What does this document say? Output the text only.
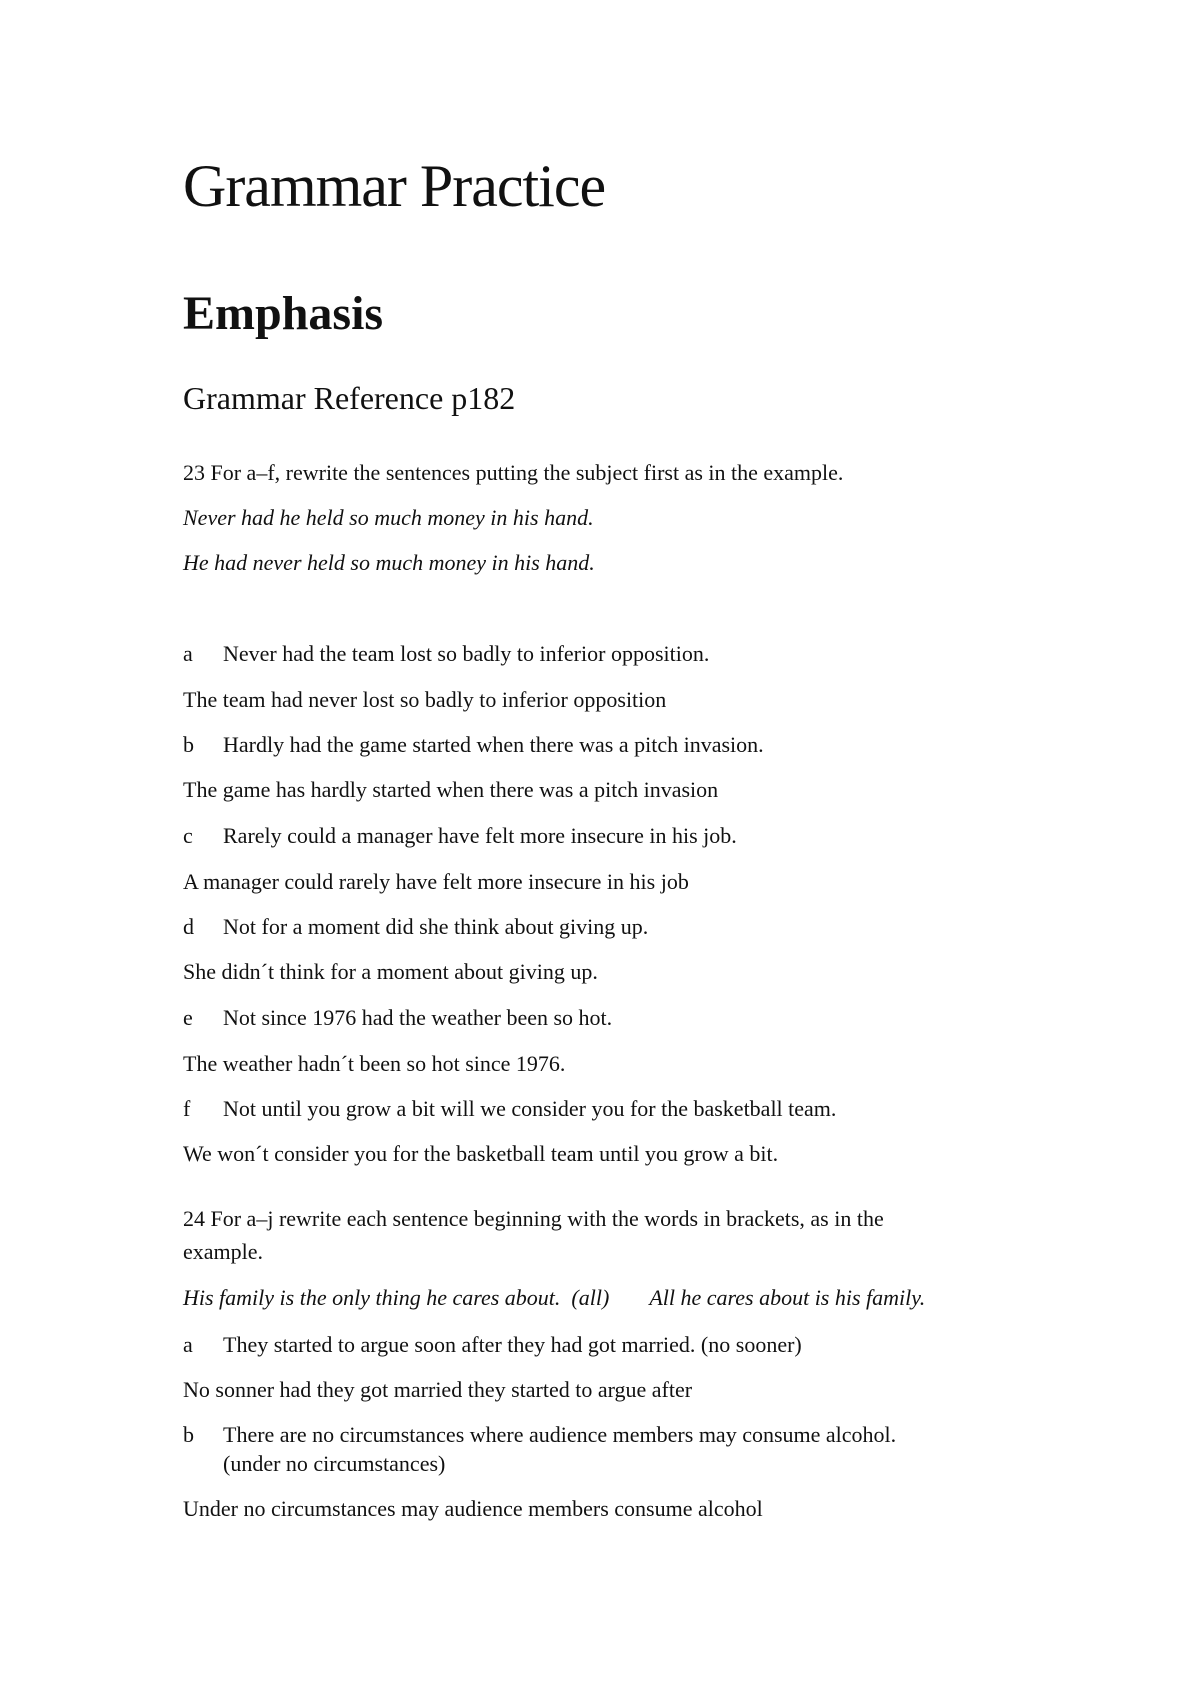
Grammar Practice
Emphasis
Grammar Reference p182
23 For a–f, rewrite the sentences putting the subject first as in the example.
Never had he held so much money in his hand.
He had never held so much money in his hand.
a Never had the team lost so badly to inferior opposition.
The team had never lost so badly to inferior opposition
b Hardly had the game started when there was a pitch invasion.
The game has hardly started when there was a pitch invasion
c Rarely could a manager have felt more insecure in his job.
A manager could rarely have felt more insecure in his job
d Not for a moment did she think about giving up.
She didn´t think for a moment about giving up.
e Not since 1976 had the weather been so hot.
The weather hadn´t been so hot since 1976.
f Not until you grow a bit will we consider you for the basketball team.
We won´t consider you for the basketball team until you grow a bit.
24 For a–j rewrite each sentence beginning with the words in brackets, as in the
example.
His family is the only thing he cares about. (all) All he cares about is his family.
a They started to argue soon after they had got married. (no sooner)
No sonner had they got married they started to argue after
b There are no circumstances where audience members may consume alcohol.
(under no circumstances)
Under no circumstances may audience members consume alcohol
